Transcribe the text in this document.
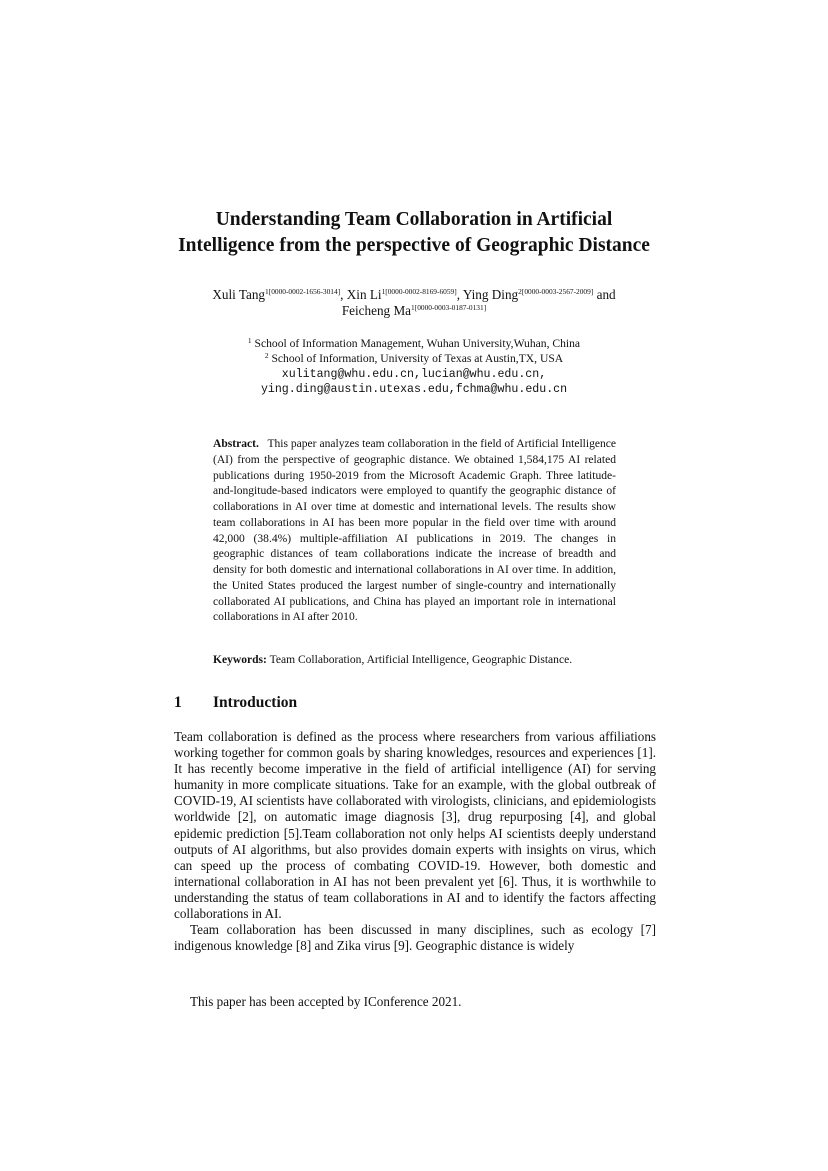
Understanding Team Collaboration in Artificial
Intelligence from the perspective of Geographic Distance
Xuli Tang$^{1[0000-0002-1656-3014]}$, Xin $Li^{1[0000-0002-8169-6059]}$, Ying Ding$^{2[0000-0003-2567-2009]}$ and
Feicheng $Ma^{1[0000-0003-0187-0131]}$
$^1$ School of Information Management, Wuhan University,Wuhan, China
$^2$ School of Information, University of Texas at Austin,TX, USA
xulitang@whu.edu.cn,lucian@whu.edu.cn,
ying.ding@austin.utexas.edu,fchma@whu.edu.cn
Abstract. This paper analyzes team collaboration in the field of Artificial Intelligence (AI) from the perspective of geographic distance. We obtained 1,584,175 AI related publications during 1950-2019 from the Microsoft Academic Graph. Three latitude-and-longitude-based indicators were employed to quantify the geographic distance of collaborations in AI over time at domestic and international levels. The results show team collaborations in AI has been more popular in the field over time with around 42,000 (38.4%) multiple-affiliation AI publications in 2019. The changes in geographic distances of team collaborations indicate the increase of breadth and density for both domestic and international collaborations in AI over time. In addition, the United States produced the largest number of single-country and internationally collaborated AI publications, and China has played an important role in international collaborations in AI after 2010.
Keywords: Team Collaboration, Artificial Intelligence, Geographic Distance.
1 Introduction

Team collaboration is defined as the process where researchers from various affiliations working together for common goals by sharing knowledges, resources and experiences [1]. It has recently become imperative in the field of artificial intelligence (AI) for serving humanity in more complicate situations. Take for an example, with the global outbreak of COVID-19, AI scientists have collaborated with virologists, clinicians, and epidemiologists worldwide [2], on automatic image diagnosis [3], drug repurposing [4], and global epidemic prediction [5].Team collaboration not only helps AI scientists deeply understand outputs of AI algorithms, but also provides domain experts with insights on virus, which can speed up the process of combating COVID-19. However, both domestic and international collaboration in AI has not been prevalent yet [6]. Thus, it is worthwhile to understanding the status of team collaborations in AI and to identify the factors affecting collaborations in AI.

Team collaboration has been discussed in many disciplines, such as ecology [7] indigenous knowledge [8] and Zika virus [9]. Geographic distance is widely

This paper has been accepted by IConference 2021.
